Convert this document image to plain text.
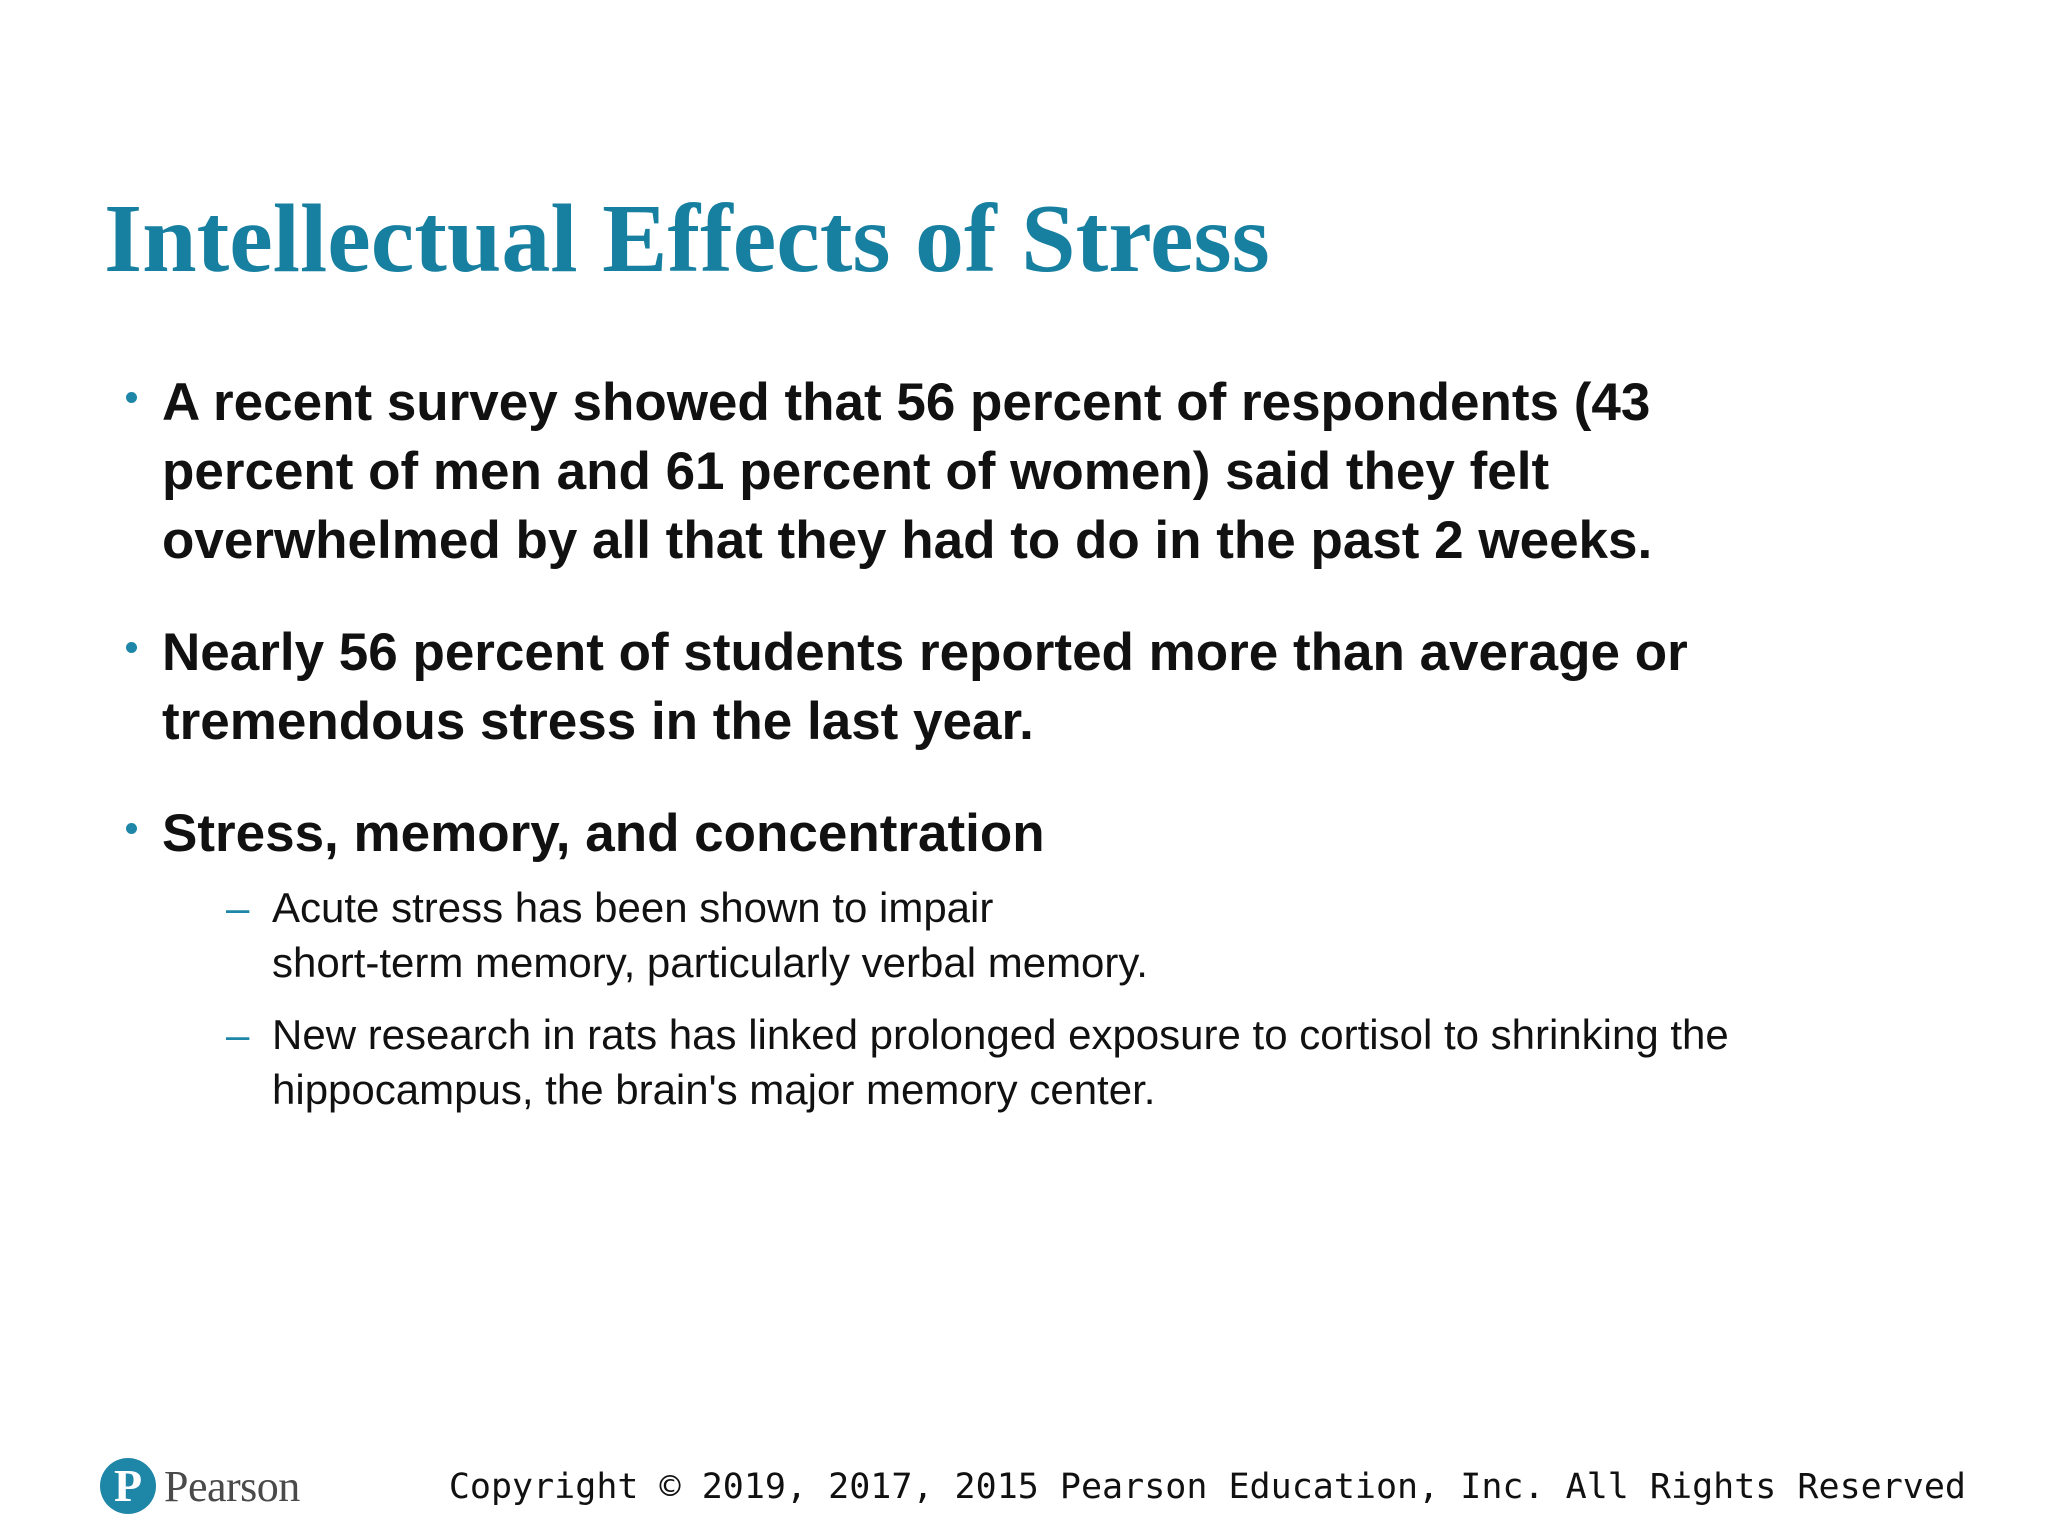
Intellectual Effects of Stress
A recent survey showed that 56 percent of respondents (43
percent of men and 61 percent of women) said they felt
overwhelmed by all that they had to do in the past 2 weeks.
Nearly 56 percent of students reported more than average or
tremendous stress in the last year.
Stress, memory, and concentration
– Acute stress has been shown to impair
short-term memory, particularly verbal memory.
– New research in rats has linked prolonged exposure to cortisol to shrinking the
hippocampus, the brain's major memory center.
P Pearson	Copyright © 2019, 2017, 2015 Pearson Education, Inc. All Rights Reserved
